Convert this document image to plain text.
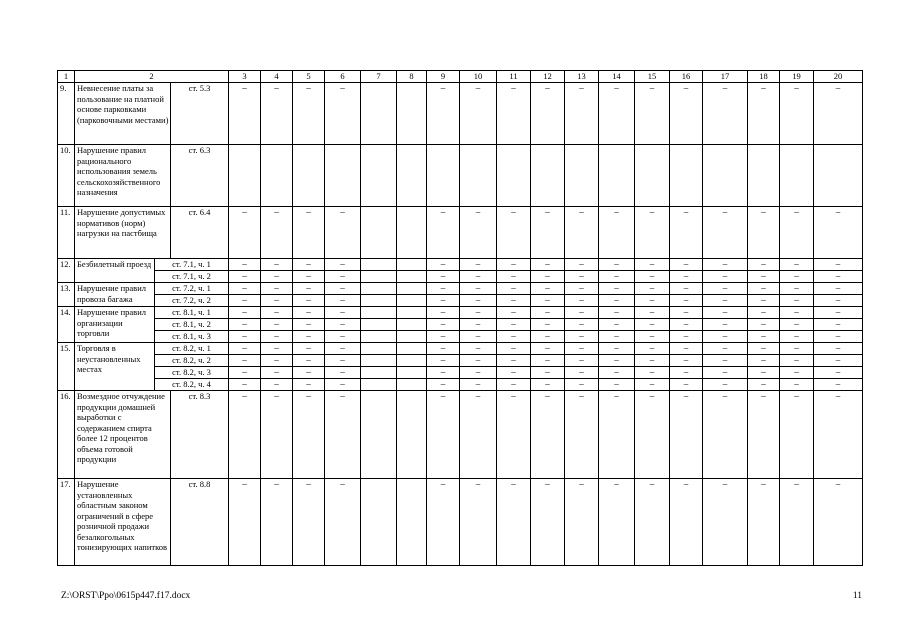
1	2			3	4	5	6	7	8	9	10	11	12	13	14	15	16	17	18	19	20
9.	Невнесение платы за пользование на платной основе парковками (парковочными местами)		ст. 5.3	–	–	–	–			–	–	–	–	–	–	–	–	–	–	–	–
10.	Нарушение правил рационального использования земель сельскохозяйственного назначения		ст. 6.3																		
11.	Нарушение допустимых нормативов (норм) нагрузки на пастбища		ст. 6.4	–	–	–	–			–	–	–	–	–	–	–	–	–	–	–	–
12.	Безбилетный проезд	ст. 7.1, ч. 1		–	–	–	–			–	–	–	–	–	–	–	–	–	–	–	–
		ст. 7.1, ч. 2		–	–	–	–			–	–	–	–	–	–	–	–	–	–	–	–
13.	Нарушение правил провоза багажа	ст. 7.2, ч. 1		–	–	–	–			–	–	–	–	–	–	–	–	–	–	–	–
		ст. 7.2, ч. 2		–	–	–	–			–	–	–	–	–	–	–	–	–	–	–	–
14.	Нарушение правил организации торговли	ст. 8.1, ч. 1		–	–	–	–			–	–	–	–	–	–	–	–	–	–	–	–
		ст. 8.1, ч. 2		–	–	–	–			–	–	–	–	–	–	–	–	–	–	–	–
		ст. 8.1, ч. 3		–	–	–	–			–	–	–	–	–	–	–	–	–	–	–	–
15.	Торговля в неустановленных местах	ст. 8.2, ч. 1		–	–	–	–			–	–	–	–	–	–	–	–	–	–	–	–
		ст. 8.2, ч. 2		–	–	–	–			–	–	–	–	–	–	–	–	–	–	–	–
		ст. 8.2, ч. 3		–	–	–	–			–	–	–	–	–	–	–	–	–	–	–	–
		ст. 8.2, ч. 4		–	–	–	–			–	–	–	–	–	–	–	–	–	–	–	–
16.	Возмездное отчуждение продукции домашней выработки с содержанием спирта более 12 процентов объема готовой продукции		ст. 8.3	–	–	–	–			–	–	–	–	–	–	–	–	–	–	–	–
17.	Нарушение установленных областным законом ограничений в сфере розничной продажи безалкогольных тонизирующих напитков		ст. 8.8	–	–	–	–			–	–	–	–	–	–	–	–	–	–	–	–
Z:\ORST\Ppo\0615p447.f17.docx	11
